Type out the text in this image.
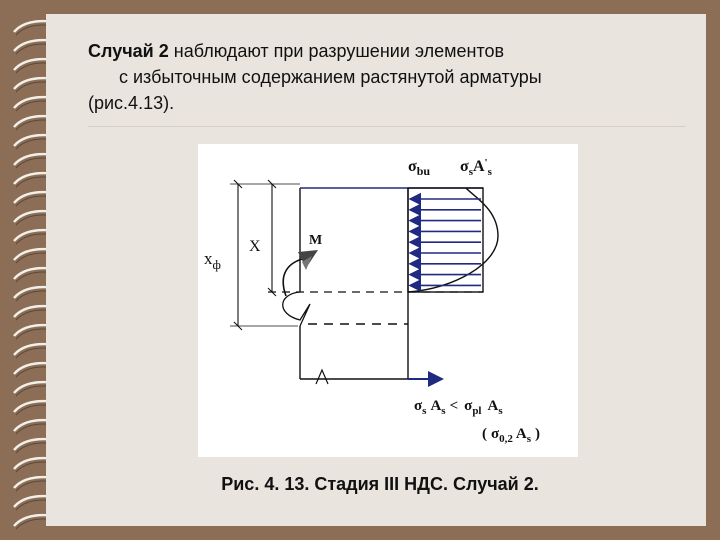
Случай 2 наблюдают при разрушении элементов
с избыточным содержанием растянутой арматуры
(рис.4.13).
$x_ф$
X	M
$\sigma_{bu}$ $\sigma_sA'_s$
$\sigma_s$ $A_s < \sigma_{pl}$ $A_s$
( $\sigma_{0,2}$ $A_s$ )
Рис. 4. 13. Стадия III НДС. Случай 2.
